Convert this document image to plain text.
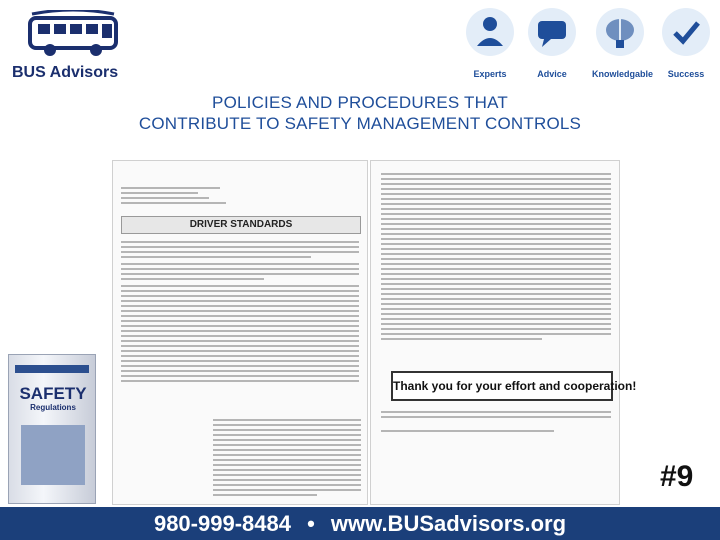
BUS Advisors	Experts	Advice	Knowledgable	Success
POLICIES AND PROCEDURES THAT
CONTRIBUTE TO SAFETY MANAGEMENT CONTROLS
DRIVER STANDARDS
Thank you for your effort and cooperation!
SAFETY
Regulations
#9
980-999-8484 • www.BUSadvisors.org
